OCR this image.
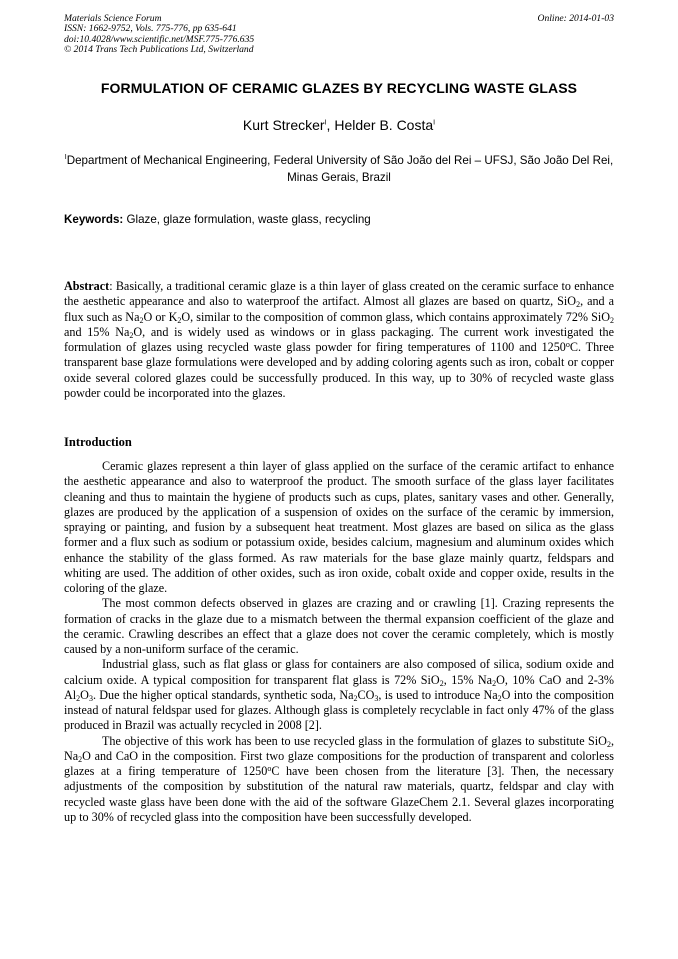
Materials Science Forum
ISSN: 1662-9752, Vols. 775-776, pp 635-641
doi:10.4028/www.scientific.net/MSF.775-776.635
© 2014 Trans Tech Publications Ltd, Switzerland
Online: 2014-01-03
FORMULATION OF CERAMIC GLAZES BY RECYCLING WASTE GLASS
Kurt Strecker$^I$, Helder B. Costa$^I$
$^I$Department of Mechanical Engineering, Federal University of São João del Rei – UFSJ, São João Del Rei, Minas Gerais, Brazil
Keywords: Glaze, glaze formulation, waste glass, recycling
Abstract: Basically, a traditional ceramic glaze is a thin layer of glass created on the ceramic surface to enhance the aesthetic appearance and also to waterproof the artifact. Almost all glazes are based on quartz, SiO$_2$, and a flux such as $Na_2O$ or $K_2O$, similar to the composition of common glass, which contains approximately 72% SiO$_2$ and 15% $Na_2O$, and is widely used as windows or in glass packaging. The current work investigated the formulation of glazes using recycled waste glass powder for firing temperatures of 1100 and 1250$^o$C. Three transparent base glaze formulations were developed and by adding coloring agents such as iron, cobalt or copper oxide several colored glazes could be successfully produced. In this way, up to 30% of recycled waste glass powder could be incorporated into the glazes.
Introduction

Ceramic glazes represent a thin layer of glass applied on the surface of the ceramic artifact to enhance the aesthetic appearance and also to waterproof the product. The smooth surface of the glass layer facilitates cleaning and thus to maintain the hygiene of products such as cups, plates, sanitary vases and other. Generally, glazes are produced by the application of a suspension of oxides on the surface of the ceramic by immersion, spraying or painting, and fusion by a subsequent heat treatment. Most glazes are based on silica as the glass former and a flux such as sodium or potassium oxide, besides calcium, magnesium and aluminum oxides which enhance the stability of the glass formed. As raw materials for the base glaze mainly quartz, feldspars and whiting are used. The addition of other oxides, such as iron oxide, cobalt oxide and copper oxide, results in the coloring of the glaze.

The most common defects observed in glazes are crazing and or crawling [1]. Crazing represents the formation of cracks in the glaze due to a mismatch between the thermal expansion coefficient of the glaze and the ceramic. Crawling describes an effect that a glaze does not cover the ceramic completely, which is mostly caused by a non-uniform surface of the ceramic.

Industrial glass, such as flat glass or glass for containers are also composed of silica, sodium oxide and calcium oxide. A typical composition for transparent flat glass is 72% SiO$_2$, 15% $Na_2O$, 10% CaO and 2-3% $Al_2O_3$. Due the higher optical standards, synthetic soda, $Na_2CO_3$, is used to introduce $Na_2O$ into the composition instead of natural feldspar used for glazes. Although glass is completely recyclable in fact only 47% of the glass produced in Brazil was actually recycled in 2008 [2].

The objective of this work has been to use recycled glass in the formulation of glazes to substitute SiO$_2$, $Na_2O$ and CaO in the composition. First two glaze compositions for the production of transparent and colorless glazes at a firing temperature of 1250$^o$C have been chosen from the literature [3]. Then, the necessary adjustments of the composition by substitution of the natural raw materials, quartz, feldspar and clay with recycled waste glass have been done with the aid of the software GlazeChem 2.1. Several glazes incorporating up to 30% of recycled glass into the composition have been successfully developed.
